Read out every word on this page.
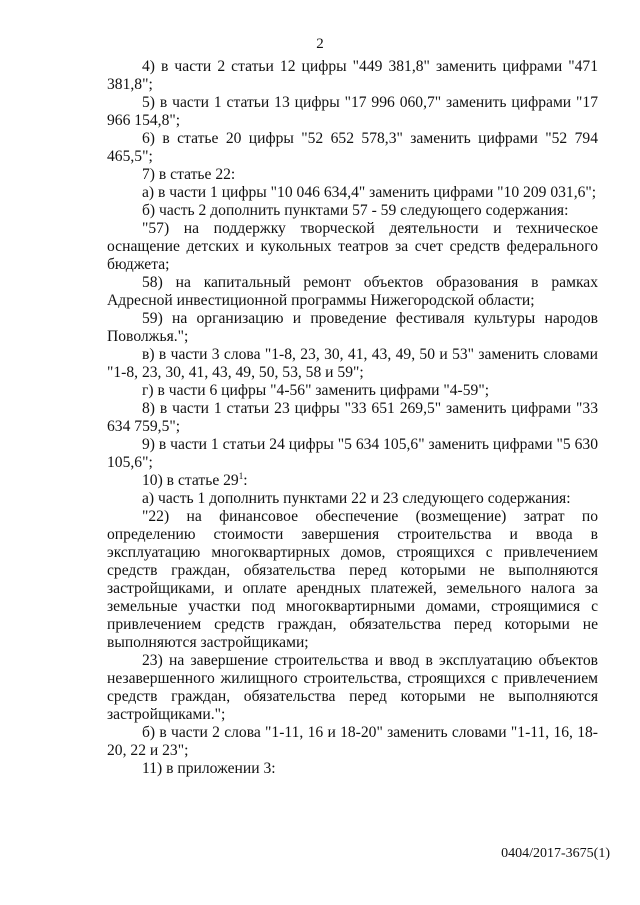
2

4) в части 2 статьи 12 цифры "449 381,8" заменить цифрами "471 381,8";

5) в части 1 статьи 13 цифры "17 996 060,7" заменить цифрами "17 966 154,8";

6) в статье 20 цифры "52 652 578,3" заменить цифрами "52 794 465,5";

7) в статье 22:

а) в части 1 цифры "10 046 634,4" заменить цифрами "10 209 031,6";

б) часть 2 дополнить пунктами 57 - 59 следующего содержания:

"57) на поддержку творческой деятельности и техническое оснащение детских и кукольных театров за счет средств федерального бюджета;

58) на капитальный ремонт объектов образования в рамках Адресной инвестиционной программы Нижегородской области;

59) на организацию и проведение фестиваля культуры народов Поволжья.";

в) в части 3 слова "1-8, 23, 30, 41, 43, 49, 50 и 53" заменить словами "1-8, 23, 30, 41, 43, 49, 50, 53, 58 и 59";

г) в части 6 цифры "4-56" заменить цифрами "4-59";

8) в части 1 статьи 23 цифры "33 651 269,5" заменить цифрами "33 634 759,5";

9) в части 1 статьи 24 цифры "5 634 105,6" заменить цифрами "5 630 105,6";

10) в статье $29^1$:

а) часть 1 дополнить пунктами 22 и 23 следующего содержания:

"22) на финансовое обеспечение (возмещение) затрат по определению стоимости завершения строительства и ввода в эксплуатацию многоквартирных домов, строящихся с привлечением средств граждан, обязательства перед которыми не выполняются застройщиками, и оплате арендных платежей, земельного налога за земельные участки под многоквартирными домами, строящимися с привлечением средств граждан, обязательства перед которыми не выполняются застройщиками;

23) на завершение строительства и ввод в эксплуатацию объектов незавершенного жилищного строительства, строящихся с привлечением средств граждан, обязательства перед которыми не выполняются застройщиками.";

б) в части 2 слова "1-11, 16 и 18-20" заменить словами "1-11, 16, 18-20, 22 и 23";

11) в приложении 3:

0404/2017-3675(1)
